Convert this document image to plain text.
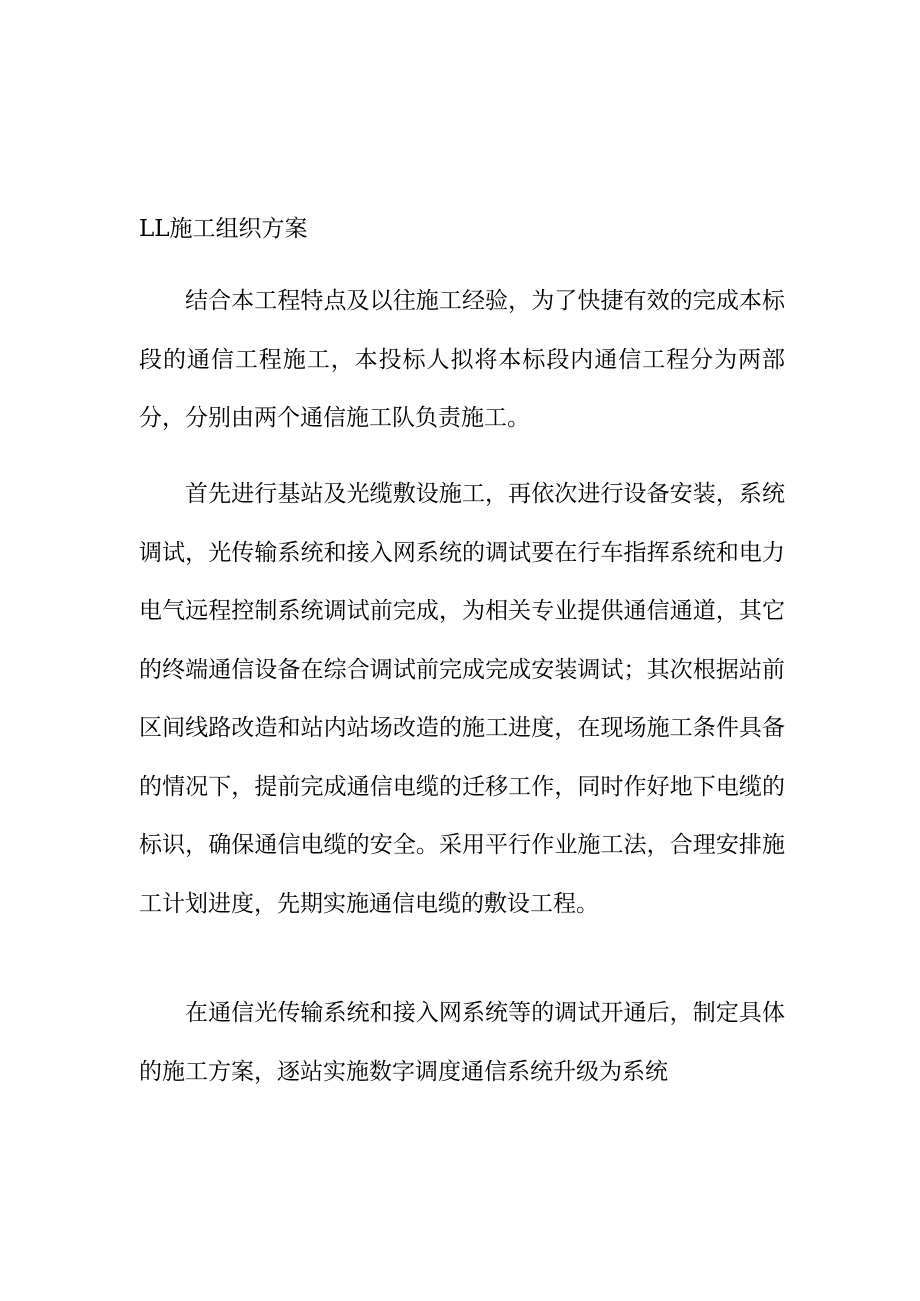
LL施工组织方案

结合本工程特点及以往施工经验，为了快捷有效的完成本标段的通信工程施工，本投标人拟将本标段内通信工程分为两部分，分别由两个通信施工队负责施工。

首先进行基站及光缆敷设施工，再依次进行设备安装，系统调试，光传输系统和接入网系统的调试要在行车指挥系统和电力电气远程控制系统调试前完成，为相关专业提供通信通道，其它的终端通信设备在综合调试前完成完成安装调试；其次根据站前区间线路改造和站内站场改造的施工进度，在现场施工条件具备的情况下，提前完成通信电缆的迁移工作，同时作好地下电缆的标识，确保通信电缆的安全。采用平行作业施工法，合理安排施工计划进度，先期实施通信电缆的敷设工程。

在通信光传输系统和接入网系统等的调试开通后，制定具体的施工方案，逐站实施数字调度通信系统升级为系统
